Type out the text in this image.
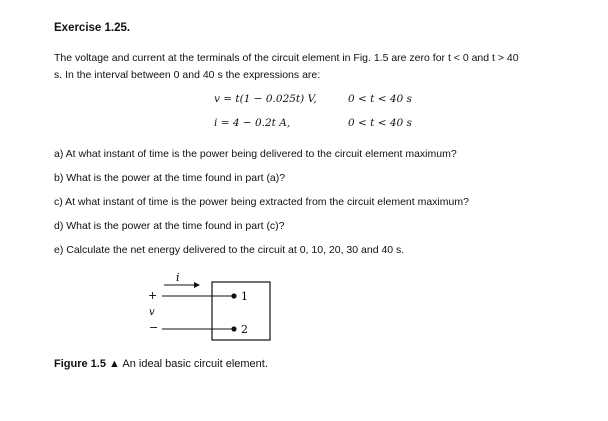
Exercise 1.25.
The voltage and current at the terminals of the circuit element in Fig. 1.5 are zero for t < 0 and t > 40
s. In the interval between 0 and 40 s the expressions are:
v = t(1 − 0.025t) V,	0 < t < 40 s
i = 4 − 0.2t A,	0 < t < 40 s
a) At what instant of time is the power being delivered to the circuit element maximum?
b) What is the power at the time found in part (a)?
c) At what instant of time is the power being extracted from the circuit element maximum?
d) What is the power at the time found in part (c)?
e) Calculate the net energy delivered to the circuit at 0, 10, 20, 30 and 40 s.
i
1
2
+
v
−
Figure 1.5 ▲ An ideal basic circuit element.
